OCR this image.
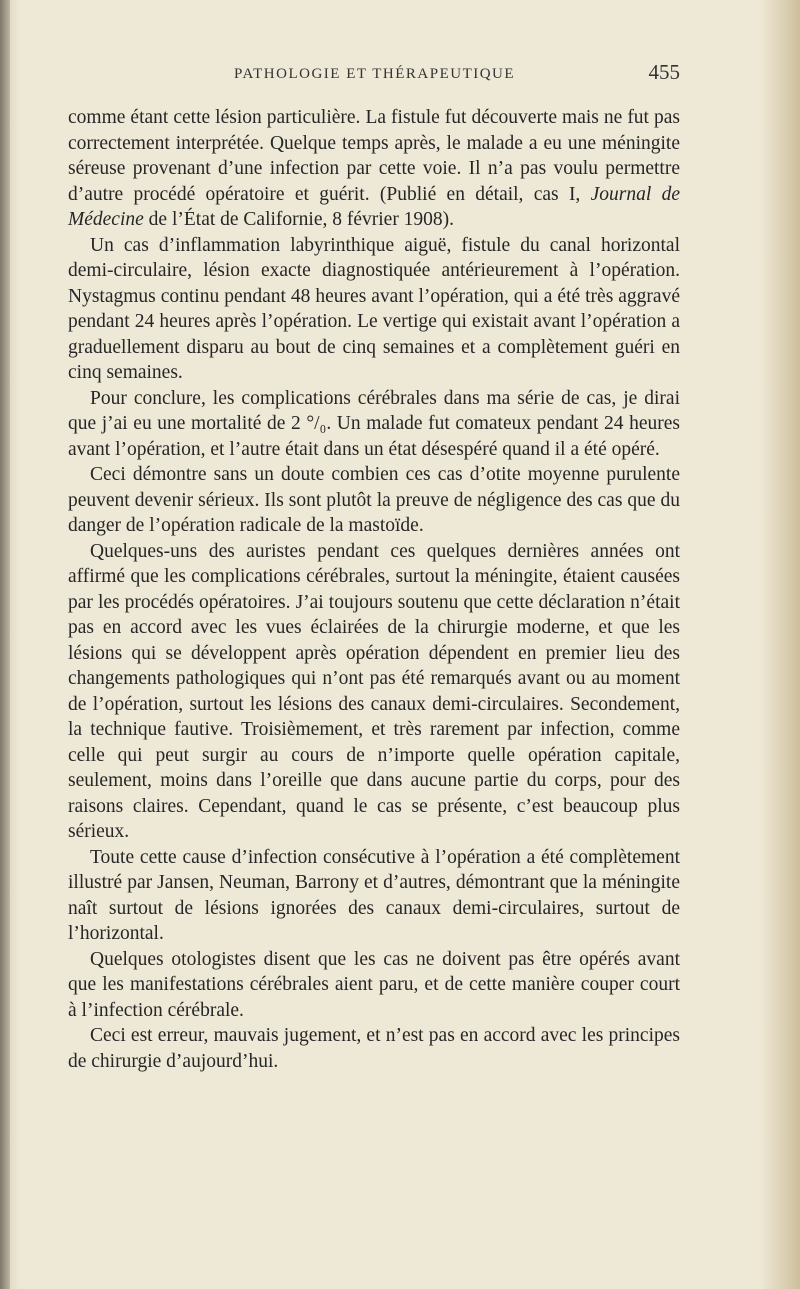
PATHOLOGIE ET THÉRAPEUTIQUE	455

comme étant cette lésion particulière. La fistule fut découverte mais ne fut pas correctement interprétée. Quelque temps après, le malade a eu une méningite séreuse provenant d’une infection par cette voie. Il n’a pas voulu permettre d’autre procédé opératoire et guérit. (Publié en détail, cas I, Journal de Médecine de l’État de Californie, 8 février 1908).

Un cas d’inflammation labyrinthique aiguë, fistule du canal horizontal demi-circulaire, lésion exacte diagnostiquée antérieurement à l’opération. Nystagmus continu pendant 48 heures avant l’opération, qui a été très aggravé pendant 24 heures après l’opération. Le vertige qui existait avant l’opération a graduellement disparu au bout de cinq semaines et a complètement guéri en cinq semaines.

Pour conclure, les complications cérébrales dans ma série de cas, je dirai que j’ai eu une mortalité de 2 °/₀. Un malade fut comateux pendant 24 heures avant l’opération, et l’autre était dans un état désespéré quand il a été opéré.

Ceci démontre sans un doute combien ces cas d’otite moyenne purulente peuvent devenir sérieux. Ils sont plutôt la preuve de négligence des cas que du danger de l’opération radicale de la mastoïde.

Quelques-uns des auristes pendant ces quelques dernières années ont affirmé que les complications cérébrales, surtout la méningite, étaient causées par les procédés opératoires. J’ai toujours soutenu que cette déclaration n’était pas en accord avec les vues éclairées de la chirurgie moderne, et que les lésions qui se développent après opération dépendent en premier lieu des changements pathologiques qui n’ont pas été remarqués avant ou au moment de l’opération, surtout les lésions des canaux demi-circulaires. Secondement, la technique fautive. Troisièmement, et très rarement par infection, comme celle qui peut surgir au cours de n’importe quelle opération capitale, seulement, moins dans l’oreille que dans aucune partie du corps, pour des raisons claires. Cependant, quand le cas se présente, c’est beaucoup plus sérieux.

Toute cette cause d’infection consécutive à l’opération a été complètement illustré par Jansen, Neuman, Barrony et d’autres, démontrant que la méningite naît surtout de lésions ignorées des canaux demi-circulaires, surtout de l’horizontal.

Quelques otologistes disent que les cas ne doivent pas être opérés avant que les manifestations cérébrales aient paru, et de cette manière couper court à l’infection cérébrale.

Ceci est erreur, mauvais jugement, et n’est pas en accord avec les principes de chirurgie d’aujourd’hui.
